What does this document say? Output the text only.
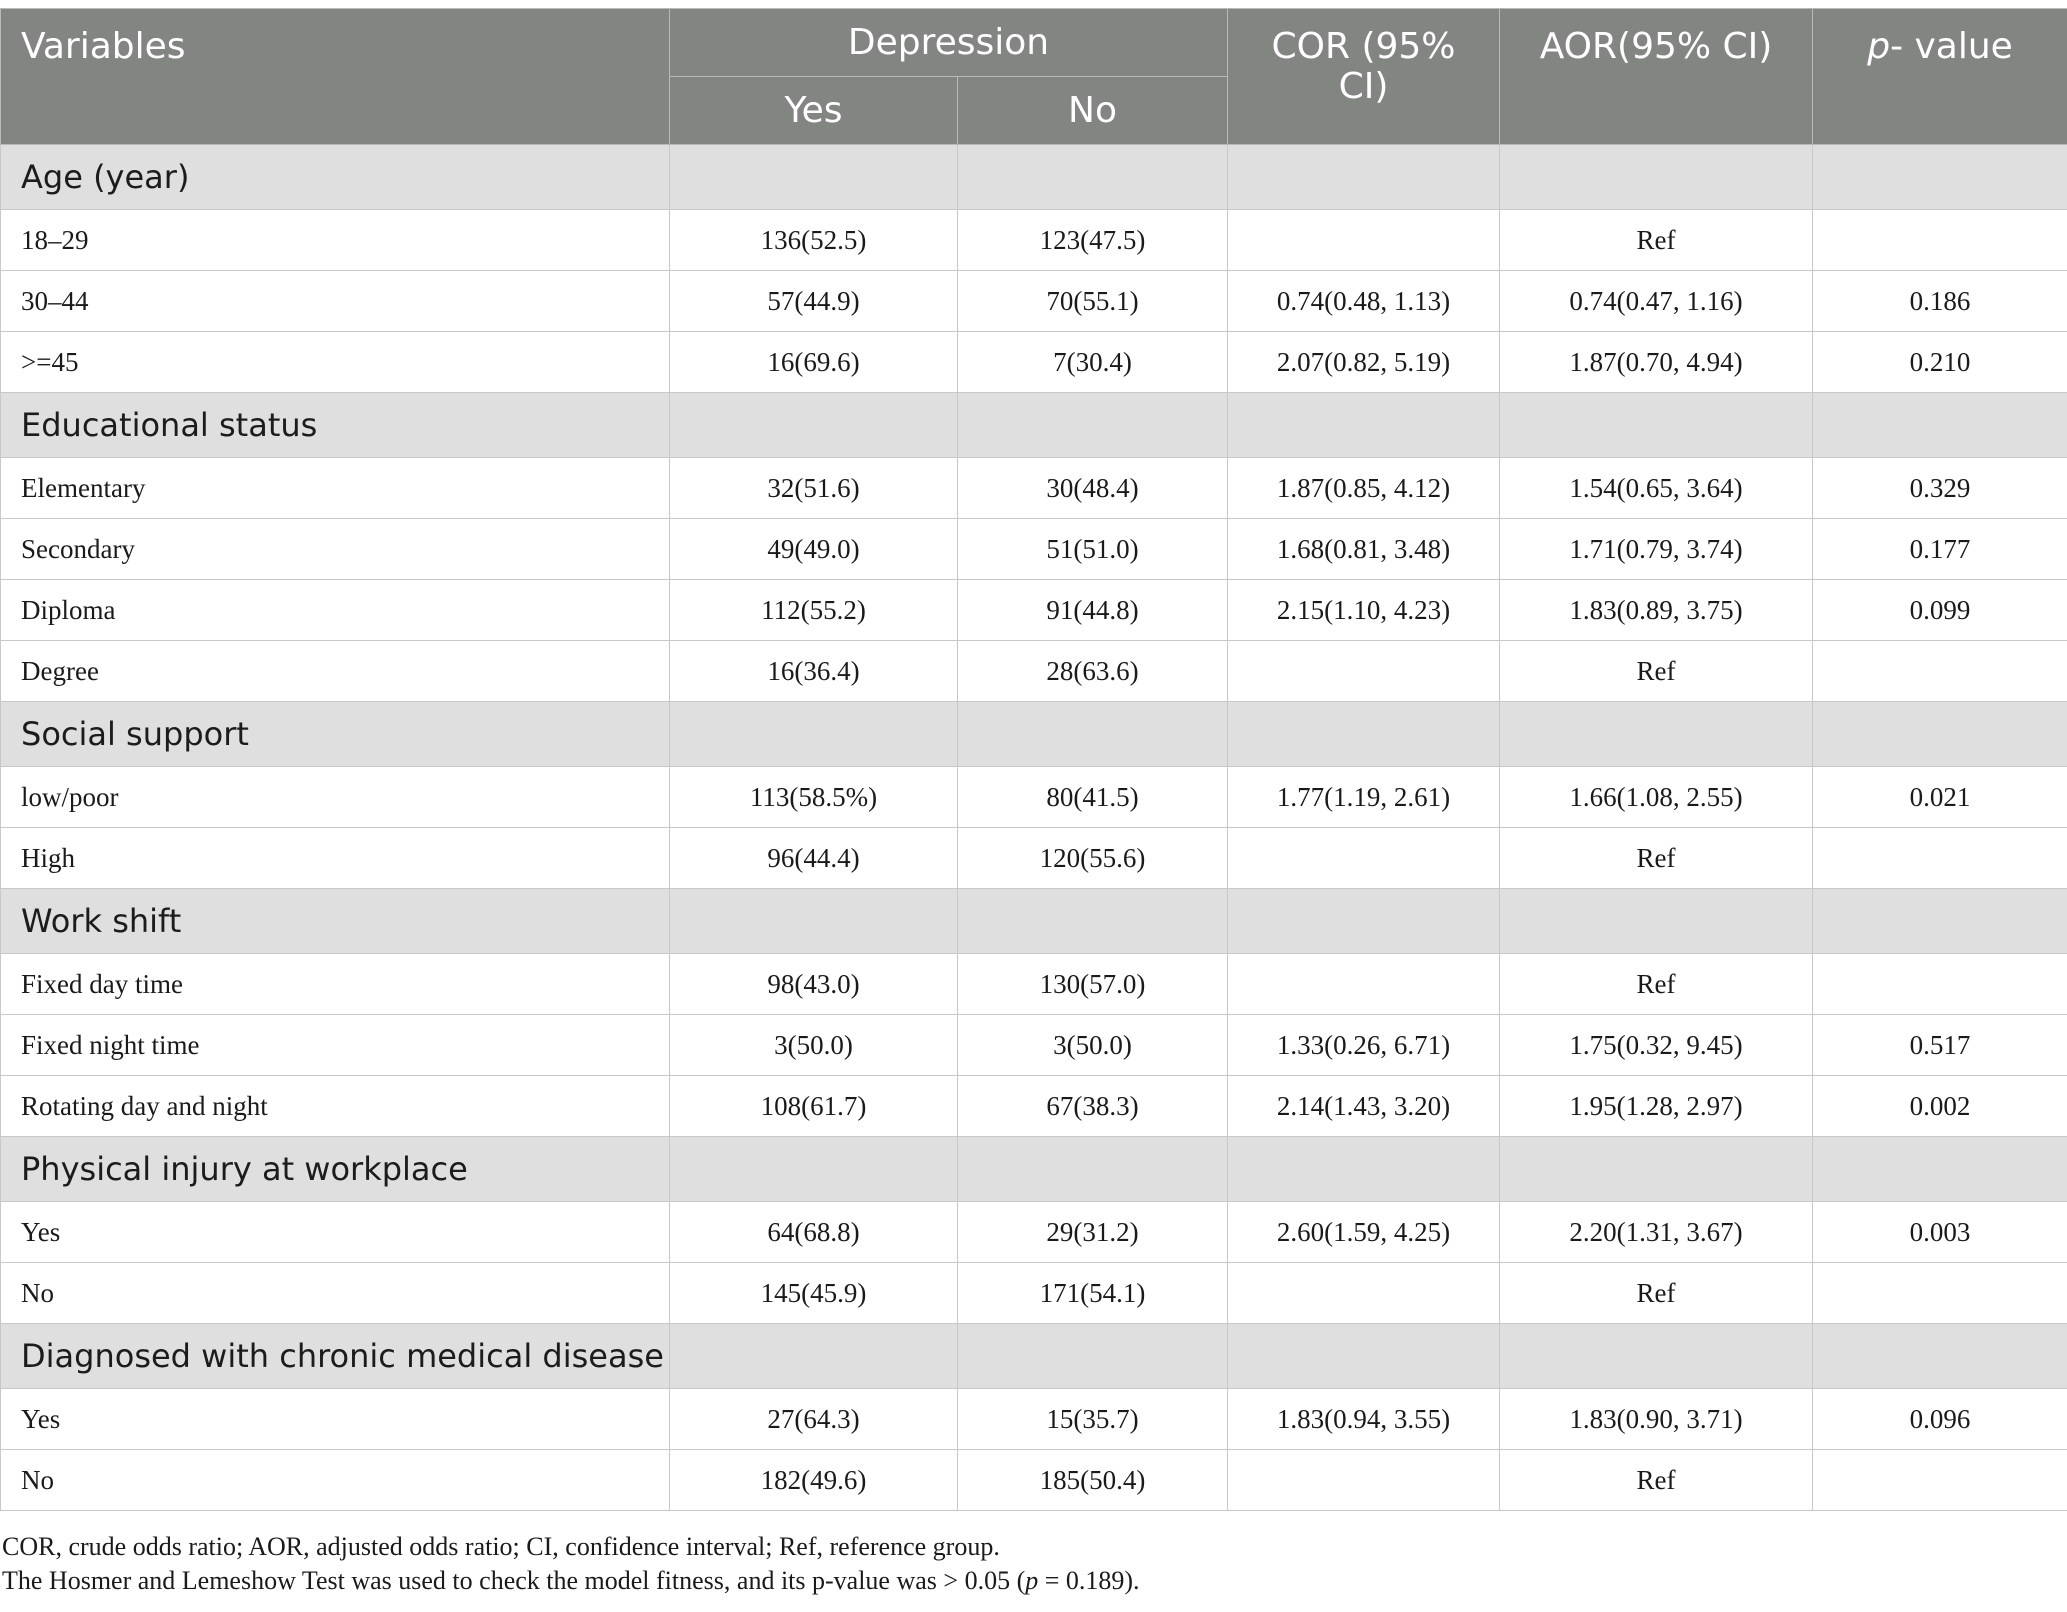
Variables	Depression		COR (95% CI)	AOR(95% CI)	p- value
	Yes	No			
Age (year)					
18–29	136(52.5)	123(47.5)		Ref	
30–44	57(44.9)	70(55.1)	0.74(0.48, 1.13)	0.74(0.47, 1.16)	0.186
>=45	16(69.6)	7(30.4)	2.07(0.82, 5.19)	1.87(0.70, 4.94)	0.210
Educational status					
Elementary	32(51.6)	30(48.4)	1.87(0.85, 4.12)	1.54(0.65, 3.64)	0.329
Secondary	49(49.0)	51(51.0)	1.68(0.81, 3.48)	1.71(0.79, 3.74)	0.177
Diploma	112(55.2)	91(44.8)	2.15(1.10, 4.23)	1.83(0.89, 3.75)	0.099
Degree	16(36.4)	28(63.6)		Ref	
Social support					
low/poor	113(58.5%)	80(41.5)	1.77(1.19, 2.61)	1.66(1.08, 2.55)	0.021
High	96(44.4)	120(55.6)		Ref	
Work shift					
Fixed day time	98(43.0)	130(57.0)		Ref	
Fixed night time	3(50.0)	3(50.0)	1.33(0.26, 6.71)	1.75(0.32, 9.45)	0.517
Rotating day and night	108(61.7)	67(38.3)	2.14(1.43, 3.20)	1.95(1.28, 2.97)	0.002
Physical injury at workplace					
Yes	64(68.8)	29(31.2)	2.60(1.59, 4.25)	2.20(1.31, 3.67)	0.003
No	145(45.9)	171(54.1)		Ref	
Diagnosed with chronic medical disease					
Yes	27(64.3)	15(35.7)	1.83(0.94, 3.55)	1.83(0.90, 3.71)	0.096
No	182(49.6)	185(50.4)		Ref	
COR, crude odds ratio; AOR, adjusted odds ratio; CI, confidence interval; Ref, reference group.
The Hosmer and Lemeshow Test was used to check the model fitness, and its p-value was > 0.05 (p = 0.189).
